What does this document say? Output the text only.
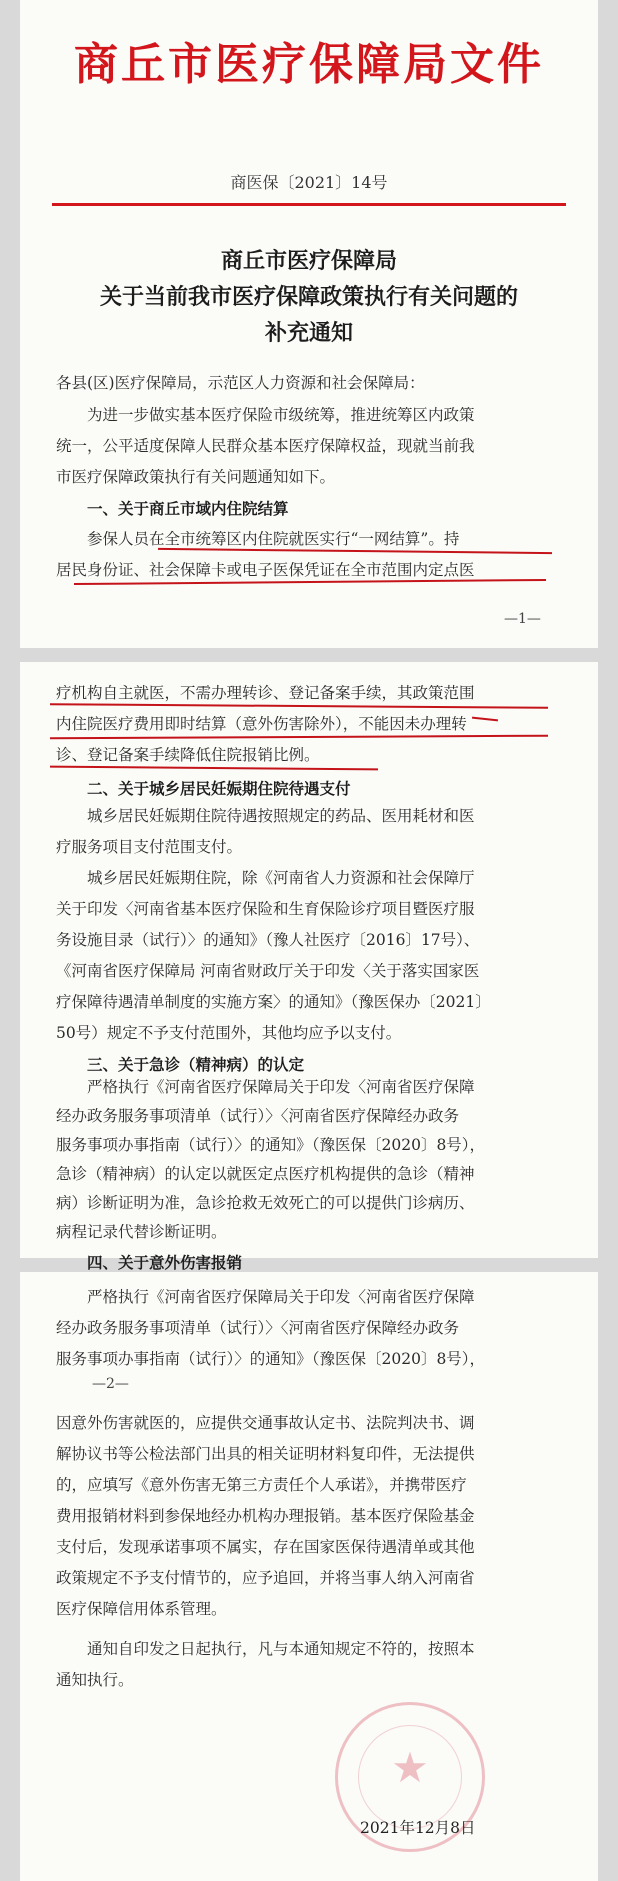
商丘市医疗保障局文件
商医保〔2021〕14号
商丘市医疗保障局
关于当前我市医疗保障政策执行有关问题的
补充通知
各县(区)医疗保障局，示范区人力资源和社会保障局：
为进一步做实基本医疗保险市级统筹，推进统筹区内政策
统一，公平适度保障人民群众基本医疗保障权益，现就当前我
市医疗保障政策执行有关问题通知如下。
一、关于商丘市域内住院结算
参保人员在全市统筹区内住院就医实行“一网结算”。持
居民身份证、社会保障卡或电子医保凭证在全市范围内定点医
—1—
疗机构自主就医，不需办理转诊、登记备案手续，其政策范围
内住院医疗费用即时结算（意外伤害除外），不能因未办理转
诊、登记备案手续降低住院报销比例。
二、关于城乡居民妊娠期住院待遇支付
城乡居民妊娠期住院待遇按照规定的药品、医用耗材和医
疗服务项目支付范围支付。
城乡居民妊娠期住院，除《河南省人力资源和社会保障厅
关于印发〈河南省基本医疗保险和生育保险诊疗项目暨医疗服
务设施目录（试行）〉的通知》（豫人社医疗〔2016〕17号）、
《河南省医疗保障局 河南省财政厅关于印发〈关于落实国家医
疗保障待遇清单制度的实施方案〉的通知》（豫医保办〔2021〕
50号）规定不予支付范围外，其他均应予以支付。
三、关于急诊（精神病）的认定
严格执行《河南省医疗保障局关于印发〈河南省医疗保障
经办政务服务事项清单（试行）〉〈河南省医疗保障经办政务
服务事项办事指南（试行）〉的通知》（豫医保〔2020〕8号），
急诊（精神病）的认定以就医定点医疗机构提供的急诊（精神
病）诊断证明为准，急诊抢救无效死亡的可以提供门诊病历、
病程记录代替诊断证明。
四、关于意外伤害报销
严格执行《河南省医疗保障局关于印发〈河南省医疗保障
经办政务服务事项清单（试行）〉〈河南省医疗保障经办政务
服务事项办事指南（试行）〉的通知》（豫医保〔2020〕8号），
—2—
因意外伤害就医的，应提供交通事故认定书、法院判决书、调
解协议书等公检法部门出具的相关证明材料复印件，无法提供
的，应填写《意外伤害无第三方责任个人承诺》，并携带医疗
费用报销材料到参保地经办机构办理报销。基本医疗保险基金
支付后，发现承诺事项不属实，存在国家医保待遇清单或其他
政策规定不予支付情节的，应予追回，并将当事人纳入河南省
医疗保障信用体系管理。
通知自印发之日起执行，凡与本通知规定不符的，按照本
通知执行。
★
2021年12月8日
